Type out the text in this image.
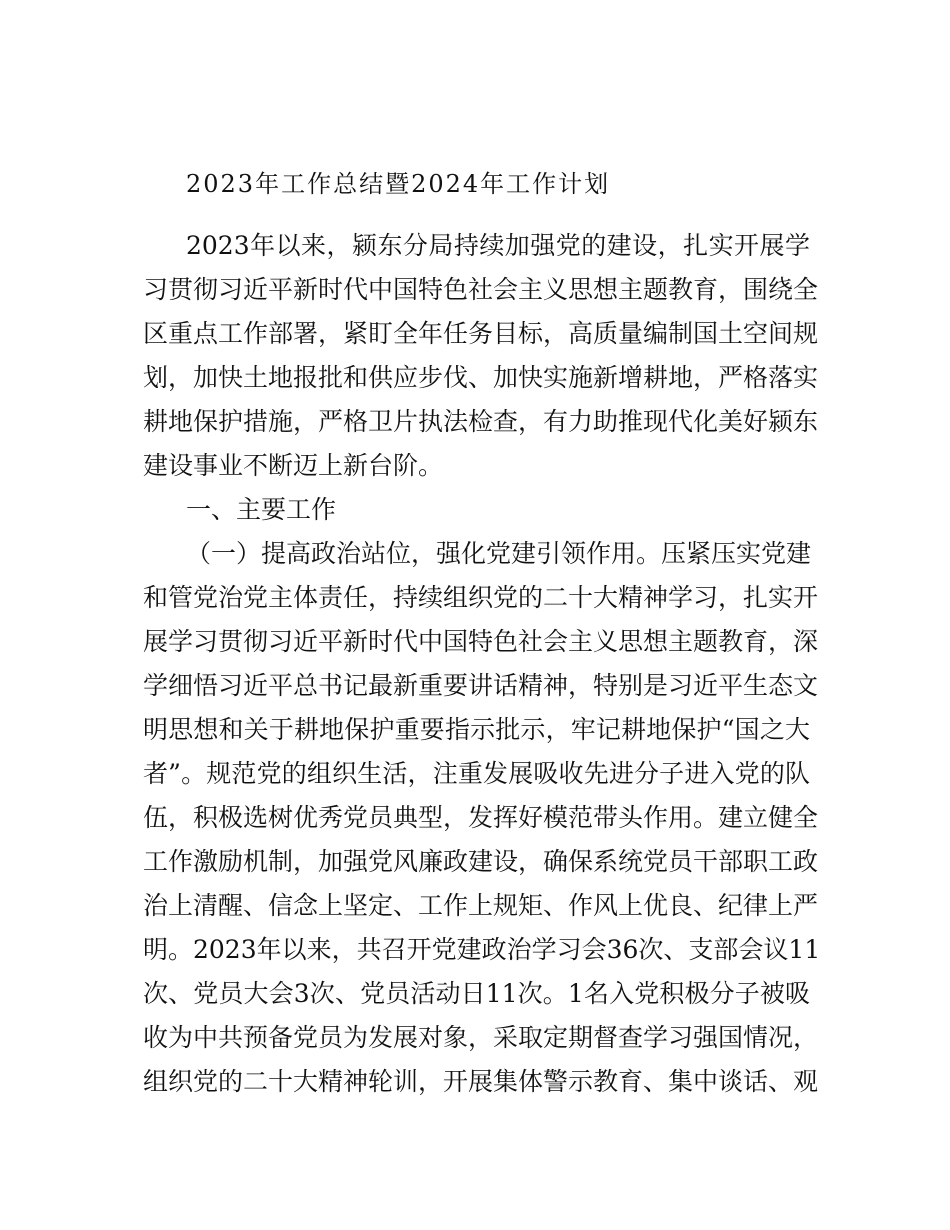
2023年工作总结暨2024年工作计划
2023年以来，颍东分局持续加强党的建设，扎实开展学
习贯彻习近平新时代中国特色社会主义思想主题教育，围绕全
区重点工作部署，紧盯全年任务目标，高质量编制国土空间规
划，加快土地报批和供应步伐、加快实施新增耕地，严格落实
耕地保护措施，严格卫片执法检查，有力助推现代化美好颍东
建设事业不断迈上新台阶。
一、主要工作
（一）提高政治站位，强化党建引领作用。压紧压实党建
和管党治党主体责任，持续组织党的二十大精神学习，扎实开
展学习贯彻习近平新时代中国特色社会主义思想主题教育，深
学细悟习近平总书记最新重要讲话精神，特别是习近平生态文
明思想和关于耕地保护重要指示批示，牢记耕地保护“国之大
者”。规范党的组织生活，注重发展吸收先进分子进入党的队
伍，积极选树优秀党员典型，发挥好模范带头作用。建立健全
工作激励机制，加强党风廉政建设，确保系统党员干部职工政
治上清醒、信念上坚定、工作上规矩、作风上优良、纪律上严
明。2023年以来，共召开党建政治学习会36次、支部会议11
次、党员大会3次、党员活动日11次。1名入党积极分子被吸
收为中共预备党员为发展对象，采取定期督查学习强国情况，
组织党的二十大精神轮训，开展集体警示教育、集中谈话、观
